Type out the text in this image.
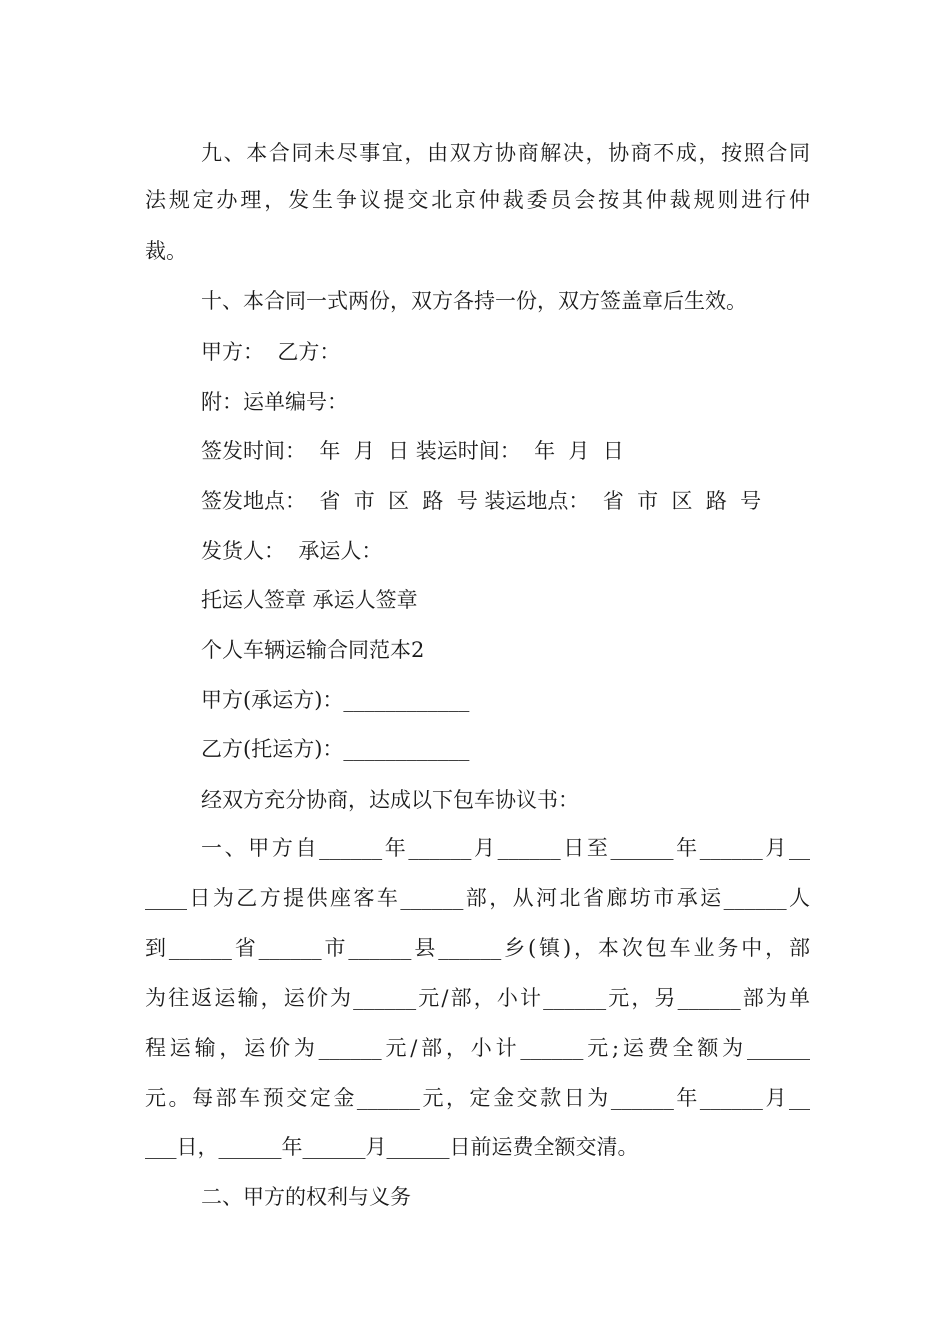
九、本合同未尽事宜，由双方协商解决，协商不成，按照合同
法规定办理，发生争议提交北京仲裁委员会按其仲裁规则进行仲
裁。
十、本合同一式两份，双方各持一份，双方签盖章后生效。
甲方：  乙方：
附：运单编号：
签发时间：  年  月  日 装运时间：  年  月  日
签发地点：  省  市  区  路  号 装运地点：  省  市  区  路  号
发货人：  承运人：
托运人签章 承运人签章
个人车辆运输合同范本2
甲方(承运方)：____________
乙方(托运方)：____________
经双方充分协商，达成以下包车协议书：
一、甲方自______年______月______日至______年______月__
____日为乙方提供座客车______部，从河北省廊坊市承运______人
到______省______市______县______乡(镇)，本次包车业务中，部
为往返运输，运价为______元/部，小计______元，另______部为单
程运输，运价为______元/部，小计______元;运费全额为______
元。每部车预交定金______元，定金交款日为______年______月__
___日，______年______月______日前运费全额交清。
二、甲方的权利与义务
